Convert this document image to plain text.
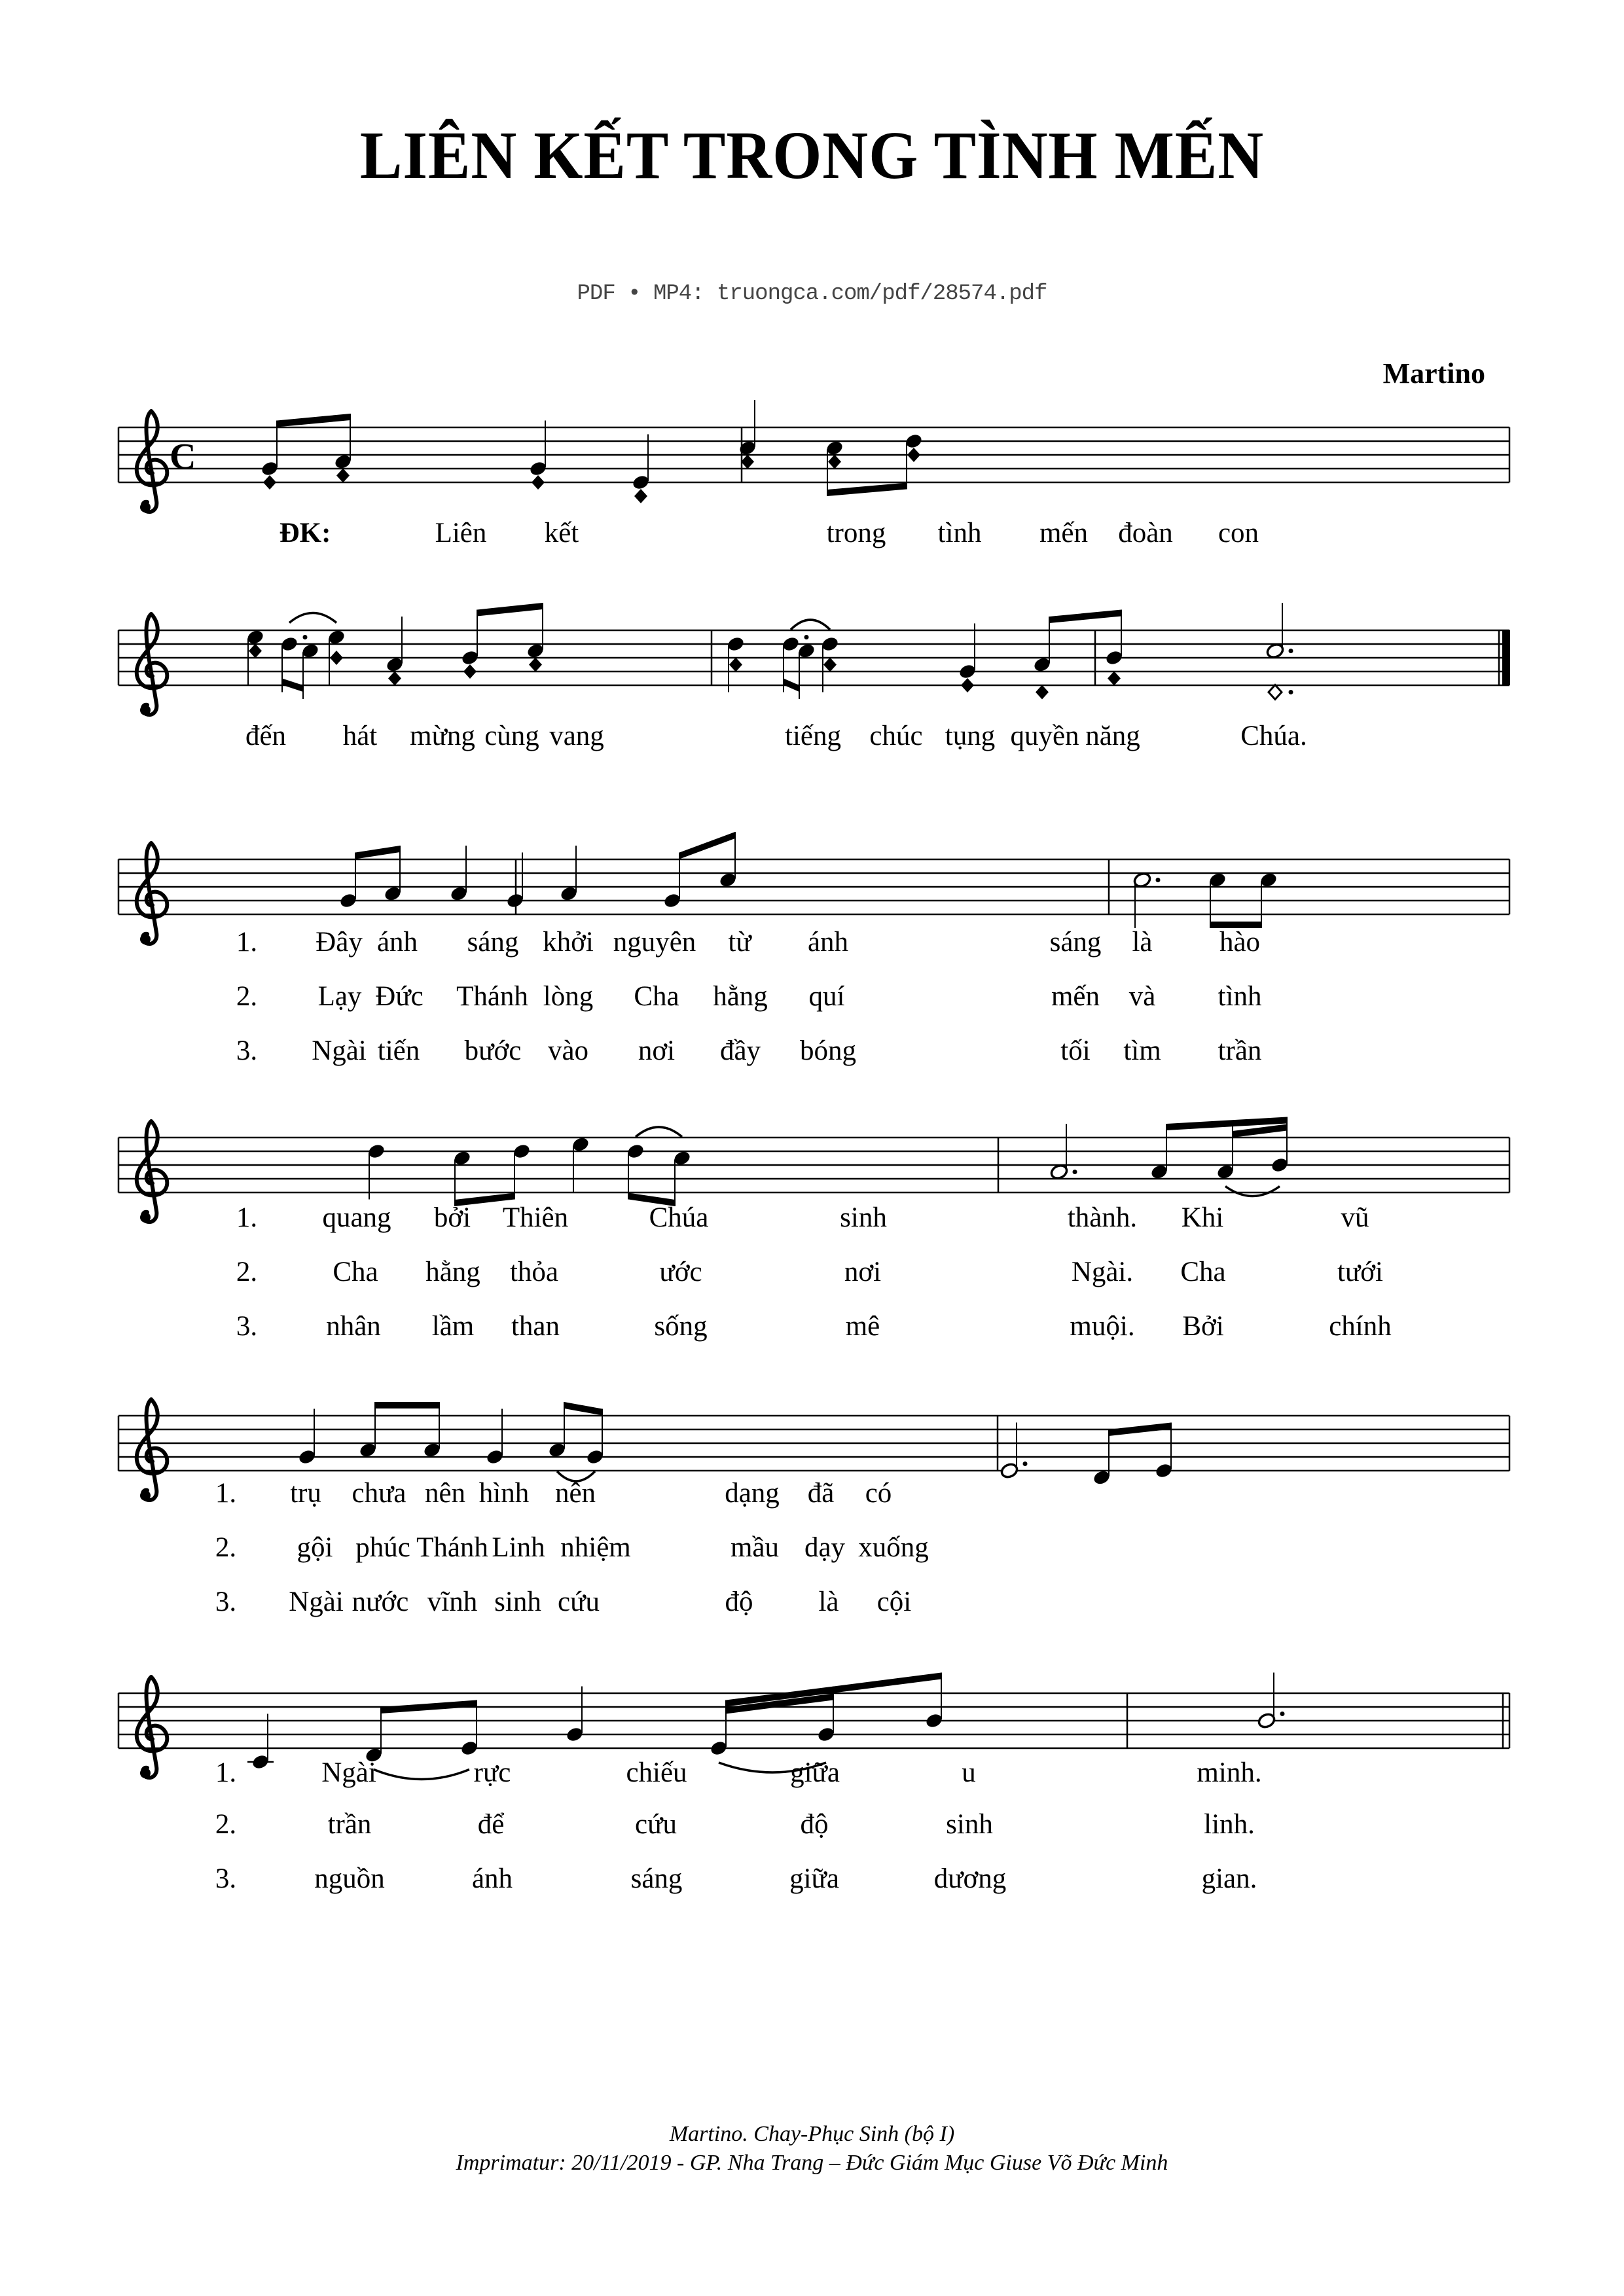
LIÊN KẾT TRONG TÌNH MẾN
PDF • MP4: truongca.com/pdf/28574.pdf
Martino
C
ĐK:	Liên kết	trong tình mến đoàn con
đến hát mừng cùng vang	tiếng chúc tụng quyền năng	Chúa.
1. Đây ánh sáng khởi nguyên từ ánh	sáng là hào
2. Lạy Đức Thánh lòng Cha hằng quí	mến và tình
3. Ngài tiến bước vào nơi đầy bóng	tối tìm trần
1. quang bởi Thiên	Chúa	sinh	thành. Khi	vũ
2.	Cha hằng thỏa	ước	nơi	Ngài. Cha	tưới
3. nhân lầm than	sống	mê	muội. Bởi	chính
1. trụ chưa nên hình nên	dạng đã có
2. gội phúc Thánh Linh nhiệm	mầu dạy xuống
3. Ngài nước vĩnh sinh cứu	độ là cội
1.	Ngài	rực	chiếu	giữa	u	minh.
2.	trần	để	cứu	độ	sinh	linh.
3.	nguồn	ánh	sáng	giữa	dương	gian.
Martino. Chay-Phục Sinh (bộ I)
Imprimatur: 20/11/2019 - GP. Nha Trang – Đức Giám Mục Giuse Võ Đức Minh
